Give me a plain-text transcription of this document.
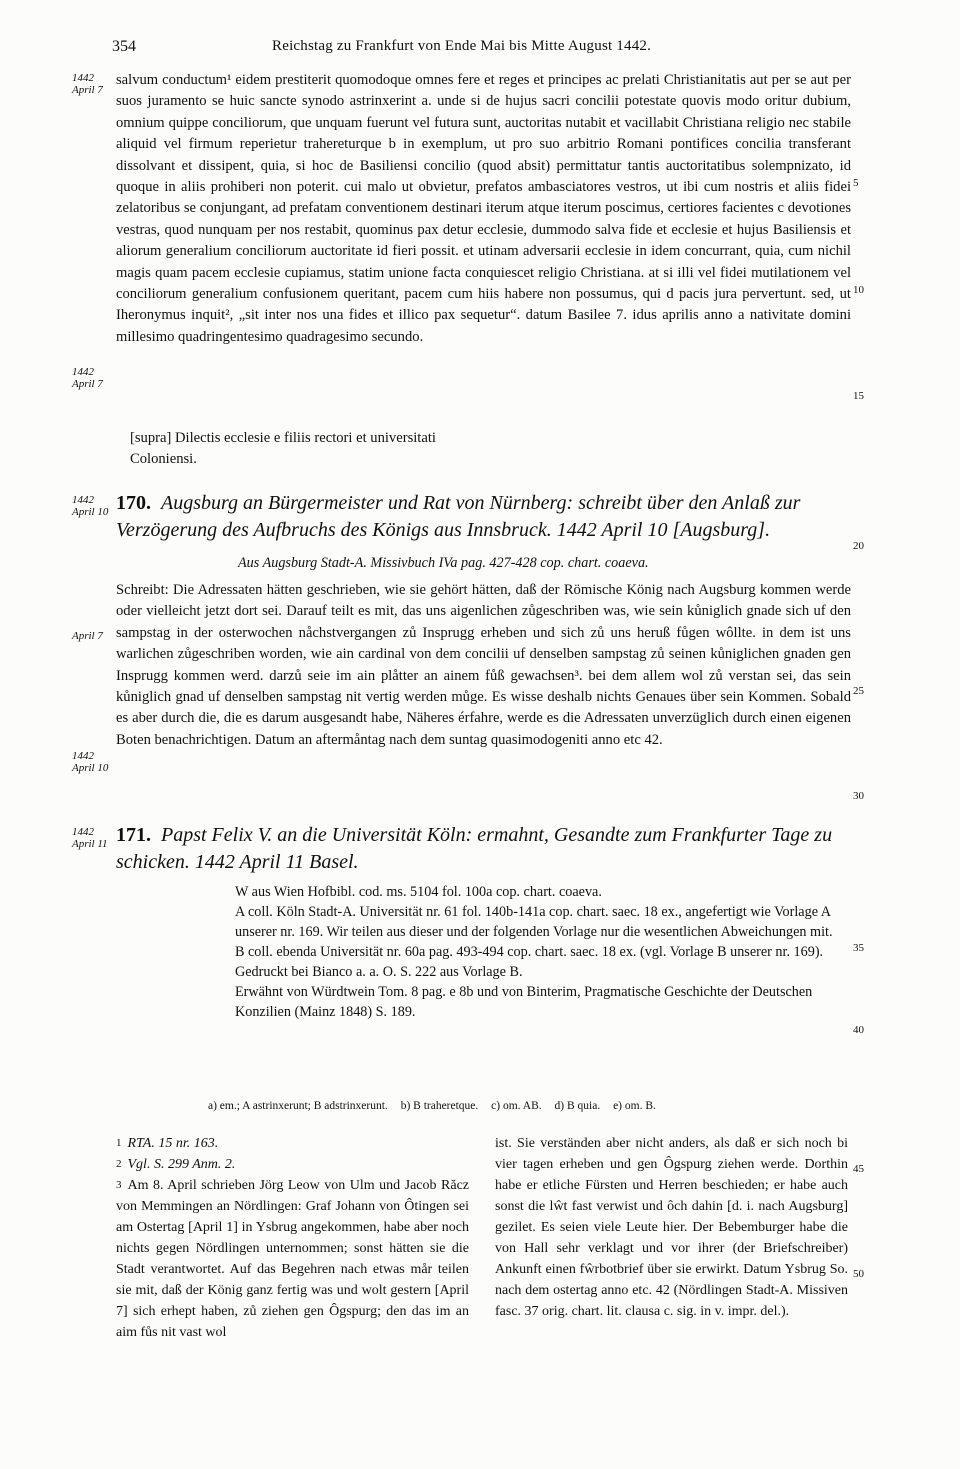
354	Reichstag zu Frankfurt von Ende Mai bis Mitte August 1442.
1442
April 7

salvum conductum¹ eidem prestiterit quomodoque omnes fere et reges et principes ac prelati Christianitatis aut per se aut per suos juramento se huic sancte synodo astrinxerint a. unde si de hujus sacri concilii potestate quovis modo oritur dubium, omnium quippe conciliorum, que unquam fuerunt vel futura sunt, auctoritas nutabit et vacillabit Christiana religio nec stabile aliquid vel firmum reperietur trahereturque b in exemplum, ut pro suo arbitrio Romani pontifices concilia transferant dissolvant et dissipent, quia, si hoc de Basiliensi concilio (quod absit) permittatur tantis auctoritatibus solempnizato, id quoque in aliis prohiberi non poterit. cui malo ut obvietur, prefatos ambasciatores vestros, ut ibi cum nostris et aliis fidei zelatoribus se conjungant, ad prefatam conventionem destinari iterum atque iterum poscimus, certiores facientes c devotiones vestras, quod nunquam per nos restabit, quominus pax detur ecclesie, dummodo salva fide et ecclesie et hujus Basiliensis et aliorum generalium conciliorum auctoritate id fieri possit. et utinam adversarii ecclesie in idem concurrant, quia, cum nichil magis quam pacem ecclesie cupiamus, statim unione facta conquiescet religio Christiana. at si illi vel fidei mutilationem vel conciliorum generalium confusionem queritant, pacem cum hiis habere non possumus, qui d pacis jura pervertunt. sed, ut Iheronymus inquit², „sit inter nos una fides et illico pax sequetur“. datum Basilee 7. idus aprilis anno a nativitate domini millesimo quadringentesimo quadragesimo secundo.

1442
April 7
[supra] Dilectis ecclesie e filiis rectori et universitati Coloniensi.
1442
April 10 170. Augsburg an Bürgermeister und Rat von Nürnberg: schreibt über den Anlaß zur Verzögerung des Aufbruchs des Königs aus Innsbruck. 1442 April 10 [Augsburg].
Aus Augsburg Stadt-A. Missivbuch IVa pag. 427-428 cop. chart. coaeva.

Schreibt: Die Adressaten hätten geschrieben, wie sie gehört hätten, daß der Römische König nach Augsburg kommen werde oder vielleicht jetzt dort sei. Darauf teilt es mit, das uns aigenlichen zůgeschriben was, wie sein kůniglich gnade sich uf den sampstag in der osterwochen nåchstvergangen zů Insprugg erheben und sich zů uns heruß fůgen wôllte. in dem ist uns warlichen zůgeschriben worden, wie ain cardinal von dem concilii uf denselben sampstag zů seinen kůniglichen gnaden gen Insprugg kommen werd. darzů seie im ain plåtter an ainem fůß gewachsen³. bei dem allem wol zů verstan sei, das sein kůniglich gnad uf denselben sampstag nit vertig werden můge. Es wisse deshalb nichts Genaues über sein Kommen. Sobald es aber durch die, die es darum ausgesandt habe, Näheres érfahre, werde es die Adressaten unverzüglich durch einen eigenen Boten benachrichtigen. Datum an aftermåntag nach dem suntag quasimodogeniti anno etc 42.

April 7
1442
April 10
1442
April 11 171. Papst Felix V. an die Universität Köln: ermahnt, Gesandte zum Frankfurter Tage zu schicken. 1442 April 11 Basel.

W aus Wien Hofbibl. cod. ms. 5104 fol. 100a cop. chart. coaeva.

A coll. Köln Stadt-A. Universität nr. 61 fol. 140b-141a cop. chart. saec. 18 ex., angefertigt wie Vorlage A unserer nr. 169. Wir teilen aus dieser und der folgenden Vorlage nur die wesentlichen Abweichungen mit.

B coll. ebenda Universität nr. 60a pag. 493-494 cop. chart. saec. 18 ex. (vgl. Vorlage B unserer nr. 169).

Gedruckt bei Bianco a. a. O. S. 222 aus Vorlage B.

Erwähnt von Würdtwein Tom. 8 pag. e 8b und von Binterim, Pragmatische Geschichte der Deutschen Konzilien (Mainz 1848) S. 189.

a) em.; A astrinxerunt; B adstrinxerunt. b) B traheretque. c) om. AB. d) B quia. e) om. B.
5
10
15
20
25
30
35
40
45
50

$^1$ RTA. 15 nr. 163.

$^2$ Vgl. S. 299 Anm. 2.

$^3$ Am 8. April schrieben Jörg Leow von Ulm und Jacob Răcz von Memmingen an Nördlingen: Graf Johann von Ôtingen sei am Ostertag [April 1] in Ysbrug angekommen, habe aber noch nichts gegen Nördlingen unternommen; sonst hätten sie die Stadt verantwortet. Auf das Begehren nach etwas mår teilen sie mit, daß der König ganz fertig was und wolt gestern [April 7] sich erhept haben, zů ziehen gen Ôgspurg; den das im an aim fůs nit vast wol

ist. Sie verständen aber nicht anders, als daß er sich noch bi vier tagen erheben und gen Ôgspurg ziehen werde. Dorthin habe er etliche Fürsten und Herren beschieden; er habe auch sonst die lŵt fast verwist und ôch dahin [d. i. nach Augsburg] gezilet. Es seien viele Leute hier. Der Bebemburger habe die von Hall sehr verklagt und vor ihrer (der Briefschreiber) Ankunft einen fŵrbotbrief über sie erwirkt. Datum Ysbrug So. nach dem ostertag anno etc. 42 (Nördlingen Stadt-A. Missiven fasc. 37 orig. chart. lit. clausa c. sig. in v. impr. del.).
